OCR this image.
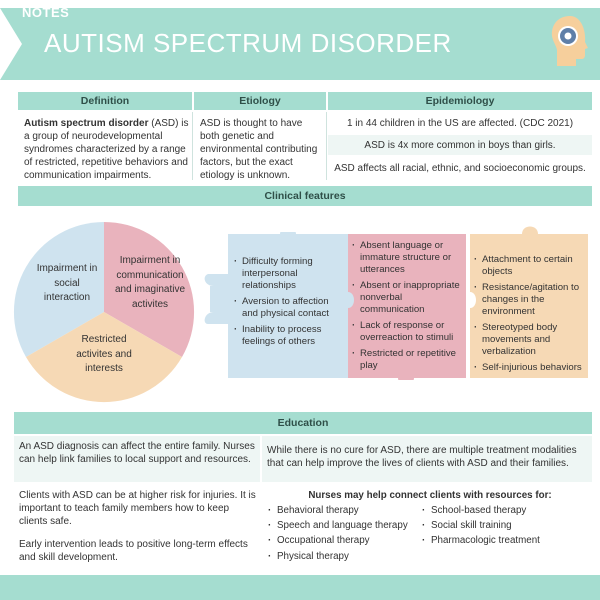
AUTISM SPECTRUM DISORDER
Definition	Etiology	Epidemiology
Autism spectrum disorder (ASD) is a group of neurodevelopmental syndromes characterized by a range of restricted, repetitive behaviors and communication impairments.
ASD is thought to have both genetic and environmental contributing factors, but the exact etiology is unknown.
1 in 44 children in the US are affected. (CDC 2021)
ASD is 4x more common in boys than girls.
ASD affects all racial, ethnic, and socioeconomic groups.
Clinical features
Impairment in social interaction
Impairment in communication and imaginative activites
Restricted activites and interests
· Difficulty forming interpersonal relationships
· Aversion to affection and physical contact
· Inability to process feelings of others
· Absent language or immature structure or utterances
· Absent or inappropriate nonverbal communication
· Lack of response or overreaction to stimuli
· Restricted or repetitive play
· Attachment to certain objects
· Resistance/agitation to changes in the environment
· Stereotyped body movements and verbalization
· Self-injurious behaviors
Education
An ASD diagnosis can affect the entire family. Nurses can help link families to local support and resources.
Clients with ASD can be at higher risk for injuries. It is important to teach family members how to keep clients safe.
Early intervention leads to positive long-term effects and skill development.
While there is no cure for ASD, there are multiple treatment modalities that can help improve the lives of clients with ASD and their families.
Nurses may help connect clients with resources for:
· Behavioral therapy
· Speech and language therapy
· Occupational therapy
· Physical therapy
· School-based therapy
· Social skill training
· Pharmacologic treatment
NOTES
